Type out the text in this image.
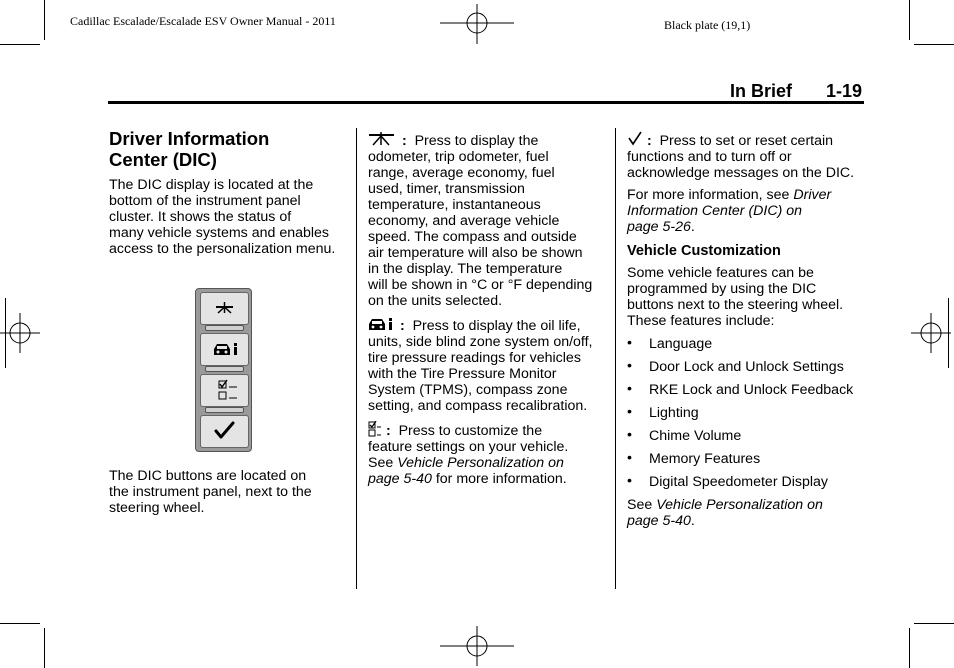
Cadillac Escalade/Escalade ESV Owner Manual - 2011	Black plate (19,1)
In Brief 1-19
Driver Information
Center (DIC)
The DIC display is located at the
bottom of the instrument panel
cluster. It shows the status of
many vehicle systems and enables
access to the personalization menu.
The DIC buttons are located on
the instrument panel, next to the
steering wheel.
: Press to display the
odometer, trip odometer, fuel
range, average economy, fuel
used, timer, transmission
temperature, instantaneous
economy, and average vehicle
speed. The compass and outside
air temperature will also be shown
in the display. The temperature
will be shown in °C or °F depending
on the units selected.
: Press to display the oil life,
units, side blind zone system on/off,
tire pressure readings for vehicles
with the Tire Pressure Monitor
System (TPMS), compass zone
setting, and compass recalibration.
: Press to customize the
feature settings on your vehicle.
See Vehicle Personalization on
page 5-40 for more information.
: Press to set or reset certain
functions and to turn off or
acknowledge messages on the DIC.
For more information, see Driver
Information Center (DIC) on
page 5-26.
Vehicle Customization
Some vehicle features can be
programmed by using the DIC
buttons next to the steering wheel.
These features include:
• Language
• Door Lock and Unlock Settings
• RKE Lock and Unlock Feedback
• Lighting
• Chime Volume
• Memory Features
• Digital Speedometer Display
See Vehicle Personalization on
page 5-40.
